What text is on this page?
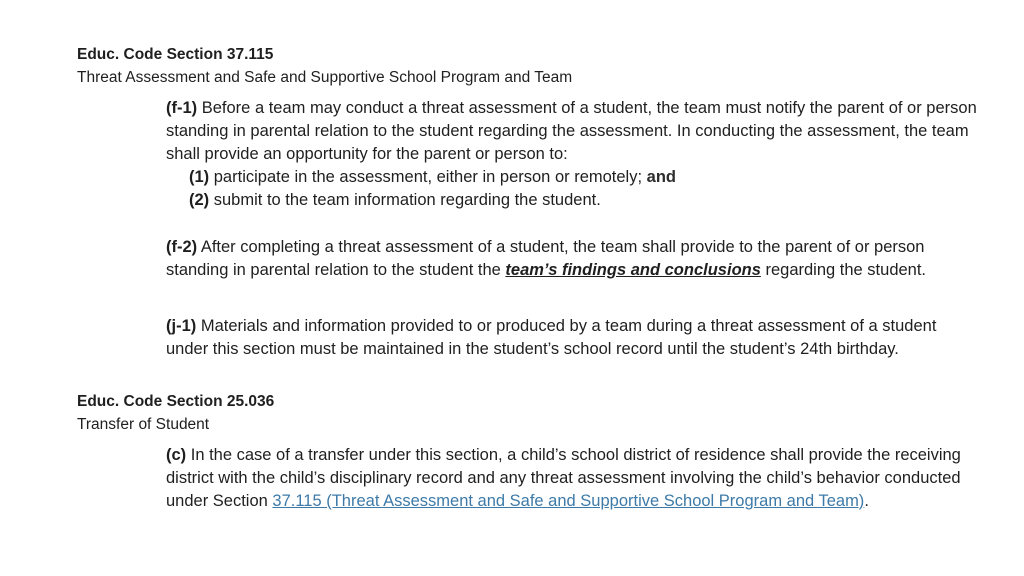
Educ. Code Section 37.115
Threat Assessment and Safe and Supportive School Program and Team
(f-1) Before a team may conduct a threat assessment of a student, the team must notify the parent of or person standing in parental relation to the student regarding the assessment. In conducting the assessment, the team shall provide an opportunity for the parent or person to:
(1) participate in the assessment, either in person or remotely; and
(2) submit to the team information regarding the student.
(f-2) After completing a threat assessment of a student, the team shall provide to the parent of or person standing in parental relation to the student the team’s findings and conclusions regarding the student.
(j-1) Materials and information provided to or produced by a team during a threat assessment of a student under this section must be maintained in the student’s school record until the student’s 24th birthday.
Educ. Code Section 25.036
Transfer of Student
(c) In the case of a transfer under this section, a child’s school district of residence shall provide the receiving district with the child’s disciplinary record and any threat assessment involving the child’s behavior conducted under Section 37.115 (Threat Assessment and Safe and Supportive School Program and Team).
